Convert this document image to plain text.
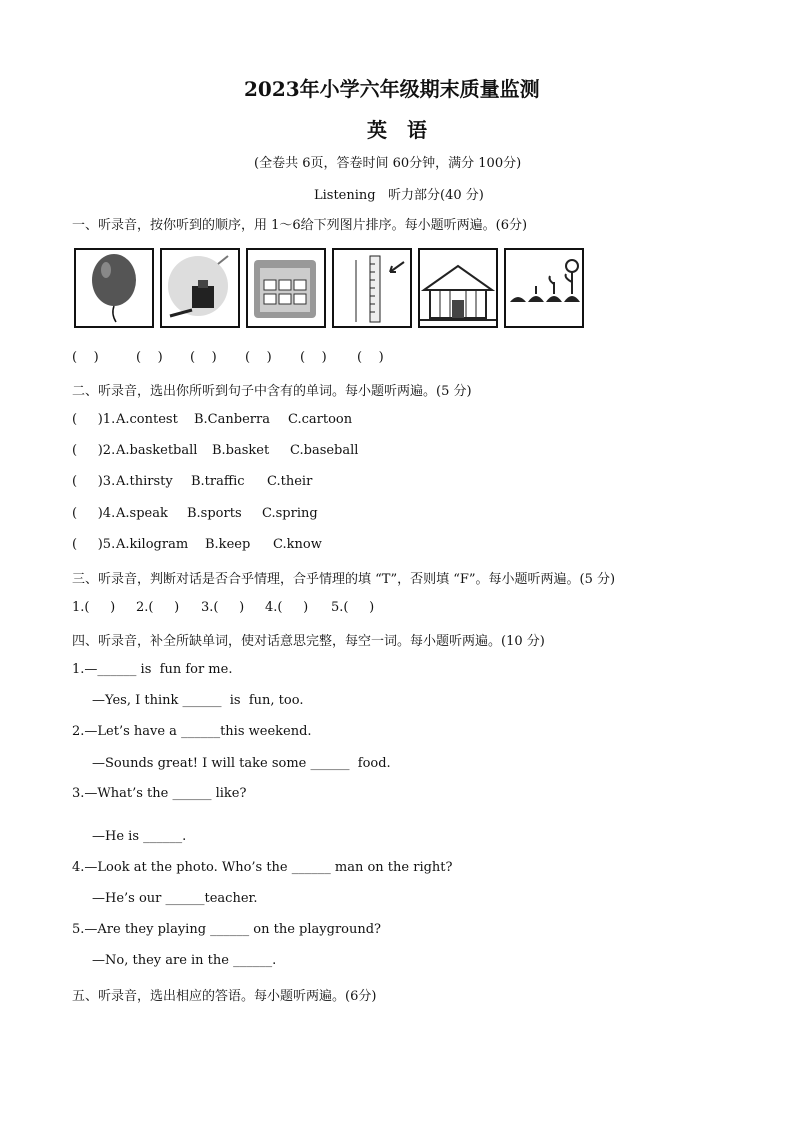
2023年小学六年级期末质量监测
英 语
(全卷共 6页，答卷时间 60分钟，满分 100分)
Listening   听力部分(40 分)
一、听录音，按你听到的顺序，用 1～6给下列图片排序。每小题听两遍。(6分)
(    )	(    ) (    ) (    ) (    ) (    )
二、听录音，选出你所听到句子中含有的单词。每小题听两遍。(5 分)
(     )1. A.contest B.Canberra C.cartoon
(     )2. A.basketball B.basket C.baseball
(     )3. A.thirsty B.traffic C.their
(     )4. A.speak B.sports C.spring
(     )5. A.kilogram B.keep C.know
三、听录音，判断对话是否合乎情理，合乎情理的填 “T”，否则填 “F”。每小题听两遍。(5 分)
1.(     ) 2.(     ) 3.(     ) 4.(     ) 5.(     )
四、听录音，补全所缺单词，使对话意思完整，每空一词。每小题听两遍。(10 分)
1.—______ is  fun for me.
—Yes, I think ______  is  fun, too.
2.—Let’s have a ______this weekend.
—Sounds great! I will take some ______  food.
3.—What’s the ______ like?
—He is ______.
4.—Look at the photo. Who’s the ______ man on the right?
—He’s our ______teacher.
5.—Are they playing ______ on the playground?
—No, they are in the ______.
五、听录音，选出相应的答语。每小题听两遍。(6分)
